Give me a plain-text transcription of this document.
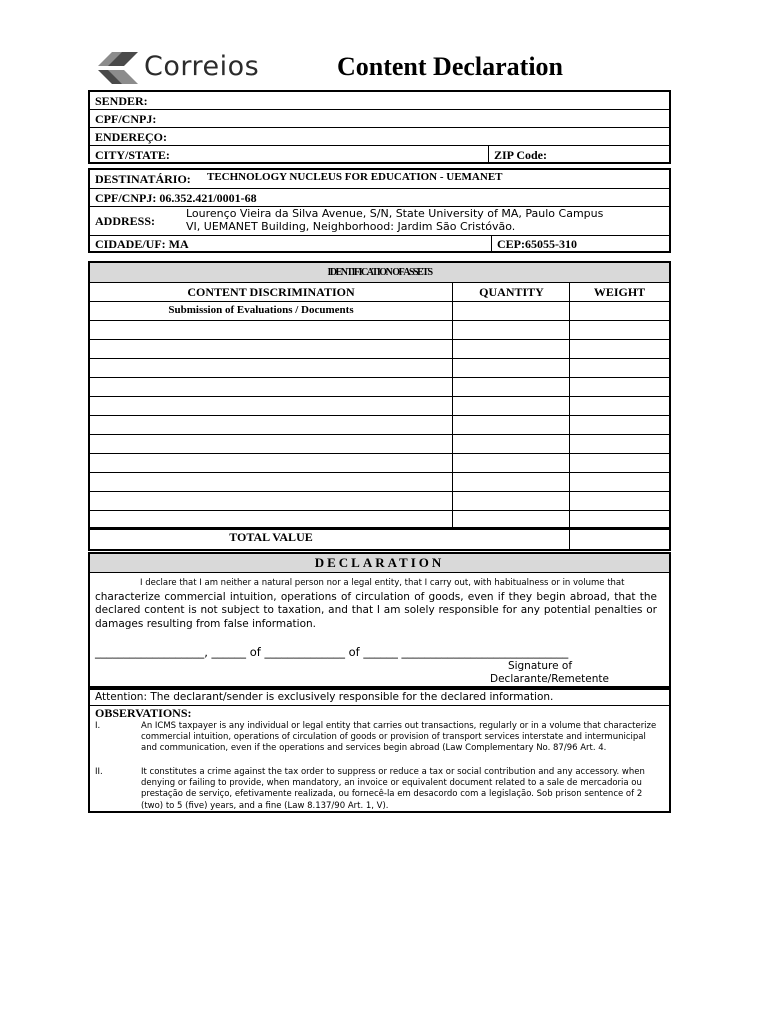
Correios	Content Declaration
SENDER:
CPF/CNPJ:
ENDEREÇO:
CITY/STATE:	ZIP Code:
DESTINATÁRIO: TECHNOLOGY NUCLEUS FOR EDUCATION - UEMANET
CPF/CNPJ: 06.352.421/0001-68
ADDRESS:
Lourenço Vieira da Silva Avenue, S/N, State University of MA, Paulo Campus
VI, UEMANET Building, Neighborhood: Jardim São Cristóvão.
CIDADE/UF: MA	CEP:65055-310
IDENTIFICATION OF ASSETS
CONTENT DISCRIMINATION	QUANTITY	WEIGHT
Submission of Evaluations / Documents
TOTAL VALUE
DECLARATION
I declare that I am neither a natural person nor a legal entity, that I carry out, with habitualness or in volume that
characterize commercial intuition, operations of circulation of goods, even if they begin abroad, that the declared content is not subject to taxation, and that I am solely responsible for any potential penalties or damages resulting from false information.
___________________, ______ of ______________ of ______ _____________________________
Signature of
Declarante/Remetente
Attention: The declarant/sender is exclusively responsible for the declared information.
OBSERVATIONS:
I.	An ICMS taxpayer is any individual or legal entity that carries out transactions, regularly or in a volume that characterize commercial intuition, operations of circulation of goods or provision of transport services interstate and intermunicipal and communication, even if the operations and services begin abroad (Law Complementary No. 87/96 Art. 4.
II.	It constitutes a crime against the tax order to suppress or reduce a tax or social contribution and any accessory. when denying or failing to provide, when mandatory, an invoice or equivalent document related to a sale de mercadoria ou prestação de serviço, efetivamente realizada, ou fornecê-la em desacordo com a legislação. Sob prison sentence of 2 (two) to 5 (five) years, and a fine (Law 8.137/90 Art. 1, V).
